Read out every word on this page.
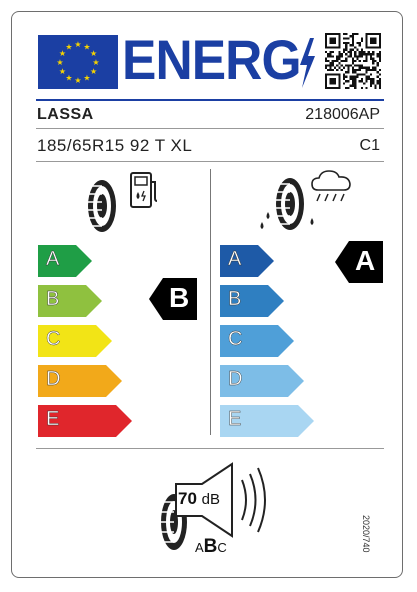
★ ★
★
★
★
★
★
★
★
★
★
★ ENERG
LASSA	218006AP
185/65R15 92 T XL	C1
A
B
C
D
E
B
A
B
C
D
E
A
70 dB
ABC	2020/740
